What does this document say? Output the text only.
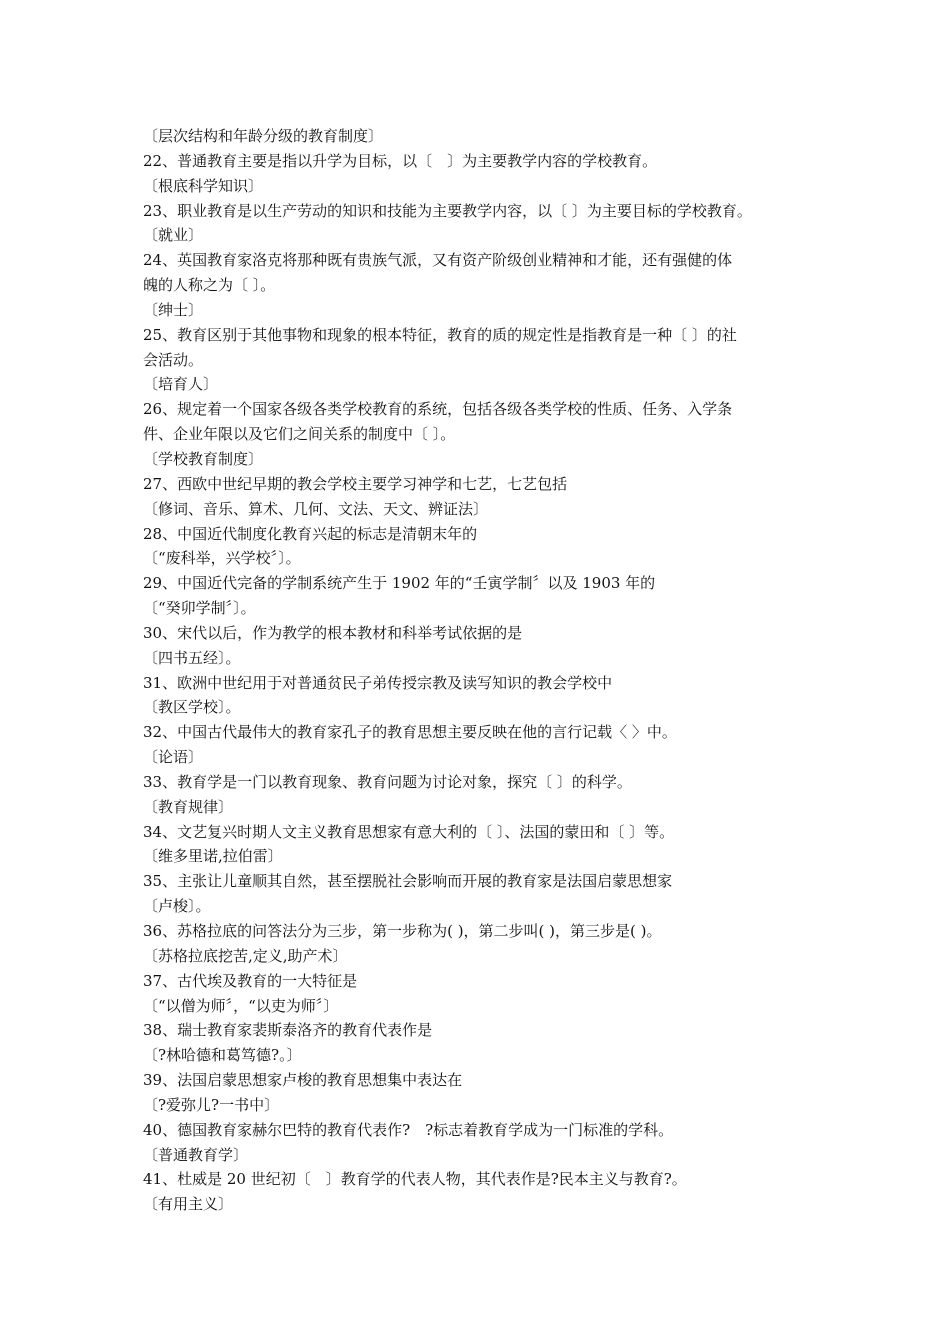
〔层次结构和年龄分级的教育制度〕
22、普通教育主要是指以升学为目标，以〔　〕为主要教学内容的学校教育。
〔根底科学知识〕
23、职业教育是以生产劳动的知识和技能为主要教学内容，以〔 〕为主要目标的学校教育。
〔就业〕
24、英国教育家洛克将那种既有贵族气派，又有资产阶级创业精神和才能，还有强健的体
魄的人称之为〔 〕。
〔绅士〕
25、教育区别于其他事物和现象的根本特征，教育的质的规定性是指教育是一种〔 〕的社
会活动。
〔培育人〕
26、规定着一个国家各级各类学校教育的系统，包括各级各类学校的性质、任务、入学条
件、企业年限以及它们之间关系的制度中〔 〕。
〔学校教育制度〕
27、西欧中世纪早期的教会学校主要学习神学和七艺，七艺包括
〔修词、音乐、算术、几何、文法、天文、辨证法〕
28、中国近代制度化教育兴起的标志是清朝末年的
〔“废科举，兴学校〞〕。
29、中国近代完备的学制系统产生于 1902 年的“壬寅学制〞以及 1903 年的
〔“癸卯学制〞〕。
30、宋代以后，作为教学的根本教材和科举考试依据的是
〔四书五经〕。
31、欧洲中世纪用于对普通贫民子弟传授宗教及读写知识的教会学校中
〔教区学校〕。
32、中国古代最伟大的教育家孔子的教育思想主要反映在他的言行记载〈 〉中。
〔论语〕
33、教育学是一门以教育现象、教育问题为讨论对象，探究〔 〕的科学。
〔教育规律〕
34、文艺复兴时期人文主义教育思想家有意大利的〔 〕、法国的蒙田和〔 〕等。
〔维多里诺,拉伯雷〕
35、主张让儿童顺其自然，甚至摆脱社会影响而开展的教育家是法国启蒙思想家
〔卢梭〕。
36、苏格拉底的问答法分为三步，第一步称为( )，第二步叫( )，第三步是( )。
〔苏格拉底挖苦,定义,助产术〕
37、古代埃及教育的一大特征是
〔“以僧为师〞，“以吏为师〞〕
38、瑞士教育家裴斯泰洛齐的教育代表作是
〔?林哈德和葛笃德?。〕
39、法国启蒙思想家卢梭的教育思想集中表达在
〔?爱弥儿?一书中〕
40、德国教育家赫尔巴特的教育代表作?　?标志着教育学成为一门标准的学科。
〔普通教育学〕
41、杜威是 20 世纪初〔　〕教育学的代表人物，其代表作是?民本主义与教育?。
〔有用主义〕
